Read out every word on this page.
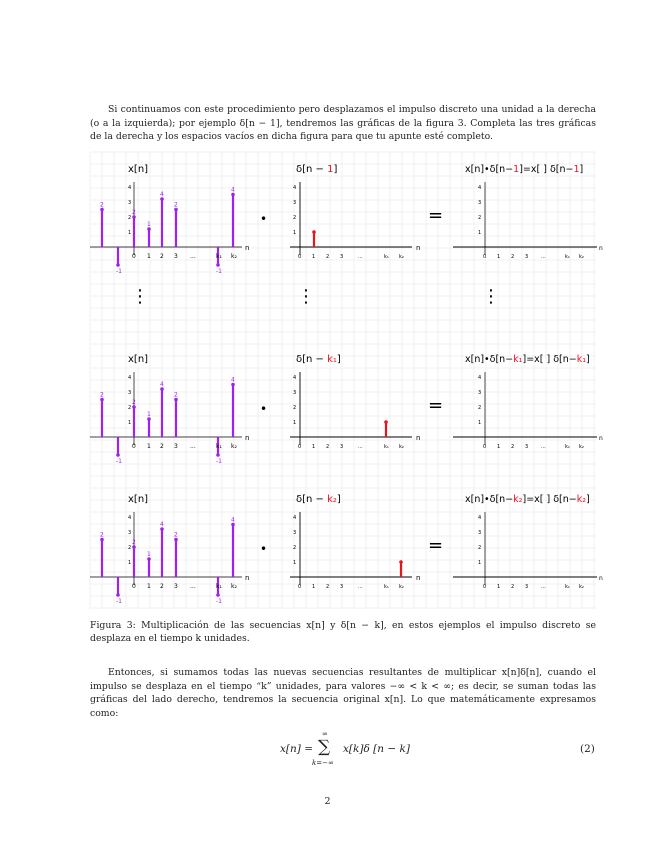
Si continuamos con este procedimiento pero desplazamos el impulso discreto una unidad a la derecha (o a la izquierda); por ejemplo δ[n − 1], tendremos las gráficas de la figura 3. Completa las tres gráficas de la derecha y los espacios vacíos en dicha figura para que tu apunte esté completo.

x[n]
n
1
2
3
4
2
-1
2
1
4
2
-1
4
0 1 2 3 ...	k₁ k₂
•
δ[n − 1]
n
1
2
3
4
0 1 2 3	...	k₁ k₂
=
x[n]•δ[n−1]=x[ ] δ[n−1]
n
1
2
3
4
0 1 2 3	...	k₁ k₂
x[n]
n
1
2
3
4
2
-1
2
1
4
2
-1
4
0 1 2 3 ...	k₁ k₂
•
δ[n − k₁]
n
1
2
3
4
0 1 2 3	...	k₁ k₂
=
x[n]•δ[n−k₁]=x[ ] δ[n−k₁]
n
1
2
3
4
0 1 2 3	...	k₁ k₂
x[n]
n
1
2
3
4
2
-1
2
1
4
2
-1
4
0 1 2 3 ...	k₁ k₂
•
δ[n − k₂]
n
1
2
3
4
0 1 2 3	...	k₁ k₂
=
x[n]•δ[n−k₂]=x[ ] δ[n−k₂]
n
1
2
3
4
0 1 2 3	...	k₁ k₂
⋮	⋮	⋮

Figura 3: Multiplicación de las secuencias x[n] y δ[n − k], en estos ejemplos el impulso discreto se desplaza en el tiempo k unidades.

Entonces, si sumamos todas las nuevas secuencias resultantes de multiplicar x[n]δ[n], cuando el impulso se desplaza en el tiempo “k” unidades, para valores −∞ < k < ∞; es decir, se suman todas las gráficas del lado derecho, tendremos la secuencia original x[n]. Lo que matemáticamente expresamos como:

x[n] =
∞
∑
k=−∞
x[k]δ [n − k]	(2)
2
